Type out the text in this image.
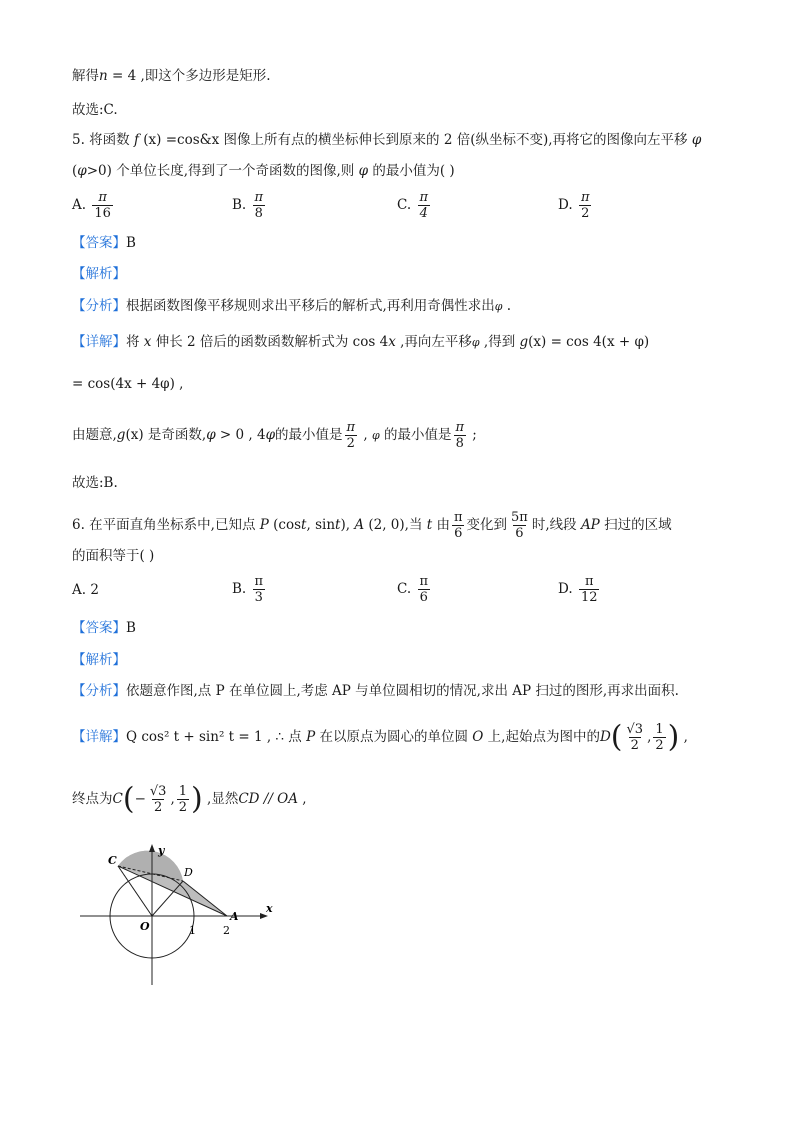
解得n = 4 ,即这个多边形是矩形.
故选:C.
5. 将函数 f (x) =cos&x 图像上所有点的横坐标伸长到原来的 2 倍(纵坐标不变),再将它的图像向左平移 φ
(φ>0) 个单位长度,得到了一个奇函数的图像,则 φ 的最小值为( )
A. $\frac{\pi}{16}$	B. $\frac{\pi}{8}$	C. $\frac{\pi}{4}$	D. $\frac{\pi}{2}$
【答案】B
【解析】
【分析】根据函数图像平移规则求出平移后的解析式,再利用奇偶性求出φ .
【详解】将 x 伸长 2 倍后的函数函数解析式为 cos 4x ,再向左平移φ ,得到 g(x) = cos 4(x + φ)
= cos(4x + 4φ) ,
由题意,g(x) 是奇函数,φ > 0 , 4φ的最小值是 $\frac{\pi}{2}$ , φ 的最小值是 $\frac{\pi}{8}$ ;
故选:B.
6. 在平面直角坐标系中,已知点 P (cost, sint), A (2, 0),当 t 由 $\frac{\pi}{6}$ 变化到 $\frac{5\pi}{6}$ 时,线段 AP 扫过的区域
的面积等于( )
A. 2	B. $\frac{\pi}{3}$	C. $\frac{\pi}{6}$	D. $\frac{\pi}{12}$
【答案】B
【解析】
【分析】依题意作图,点 P 在单位圆上,考虑 AP 与单位圆相切的情况,求出 AP 扫过的图形,再求出面积.
【详解】Q cos² t + sin² t = 1 , ∴ 点 P 在以原点为圆心的单位圆 O 上,起始点为图中的$D( \frac{√3}{2}$ , $\frac{1}{2}$ ) ,
终点为$C(- \frac{√3}{2}$ , $\frac{1}{2}$ ) ,显然CD // OA ,
y
x
C
D
O
A
1 2
